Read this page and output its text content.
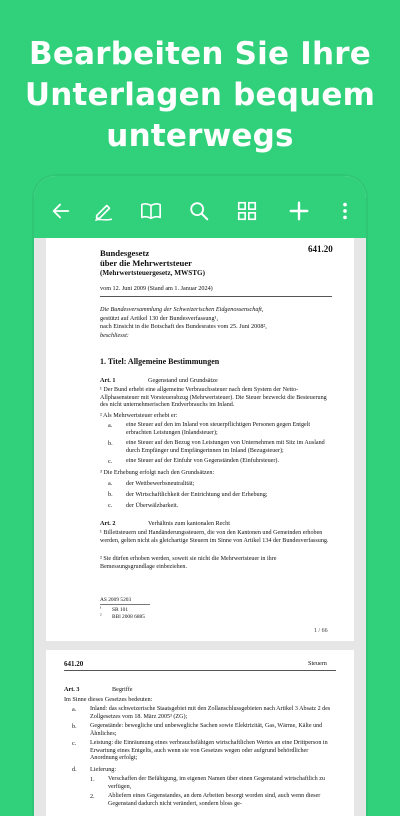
Bearbeiten Sie Ihre
Unterlagen bequem
unterwegs
641.20
Bundesgesetz
über die Mehrwertsteuer
(Mehrwertsteuergesetz, MWSTG)
vom 12. Juni 2009 (Stand am 1. Januar 2024)
Die Bundesversammlung der Schweizerischen Eidgenossenschaft,
gestützt auf Artikel 130 der Bundesverfassung¹,
nach Einsicht in die Botschaft des Bundesrates vom 25. Juni 2008²,
beschliesst:
1. Titel: Allgemeine Bestimmungen
Art. 1	Gegenstand und Grundsätze
¹ Der Bund erhebt eine allgemeine Verbrauchssteuer nach dem System der Netto-Allphasensteuer mit Vorsteuerabzug (Mehrwertsteuer). Die Steuer bezweckt die Besteuerung des nicht unternehmerischen Endverbrauchs im Inland.
² Als Mehrwertsteuer erhebt er:
a. eine Steuer auf den im Inland von steuerpflichtigen Personen gegen Entgelt erbrachten Leistungen (Inlandsteuer);
b. eine Steuer auf den Bezug von Leistungen von Unternehmen mit Sitz im Ausland durch Empfänger und Empfängerinnen im Inland (Bezugsteuer);
c. eine Steuer auf der Einfuhr von Gegenständen (Einfuhrsteuer).
³ Die Erhebung erfolgt nach den Grundsätzen:
a. der Wettbewerbsneutralität;
b. der Wirtschaftlichkeit der Entrichtung und der Erhebung;
c. der Überwälzbarkeit.
Art. 2	Verhältnis zum kantonalen Recht
¹ Billettsteuern und Handänderungssteuern, die von den Kantonen und Gemeinden erhoben werden, gelten nicht als gleichartige Steuern im Sinne von Artikel 134 der Bundesverfassung.
² Sie dürfen erhoben werden, soweit sie nicht die Mehrwertsteuer in ihre Bemessungsgrundlage einbeziehen.
AS 2009 5203
¹ SR 101
² BBl 2008 6885
1 / 66
641.20	Steuern
Art. 3	Begriffe
Im Sinne dieses Gesetzes bedeuten:
a. Inland: das schweizerische Staatsgebiet mit den Zollanschlussgebieten nach Artikel 3 Absatz 2 des Zollgesetzes vom 18. März 2005³ (ZG);
b. Gegenstände: bewegliche und unbewegliche Sachen sowie Elektrizität, Gas, Wärme, Kälte und Ähnliches;
c. Leistung: die Einräumung eines verbrauchsfähigen wirtschaftlichen Wertes an eine Drittperson in Erwartung eines Entgelts, auch wenn sie von Gesetzes wegen oder aufgrund behördlicher Anordnung erfolgt;
d. Lieferung:
1. Verschaffen der Befähigung, im eigenen Namen über einen Gegenstand wirtschaftlich zu verfügen,
2. Abliefern eines Gegenstandes, an dem Arbeiten besorgt worden sind, auch wenn dieser Gegenstand dadurch nicht verändert, sondern bloss ge-
